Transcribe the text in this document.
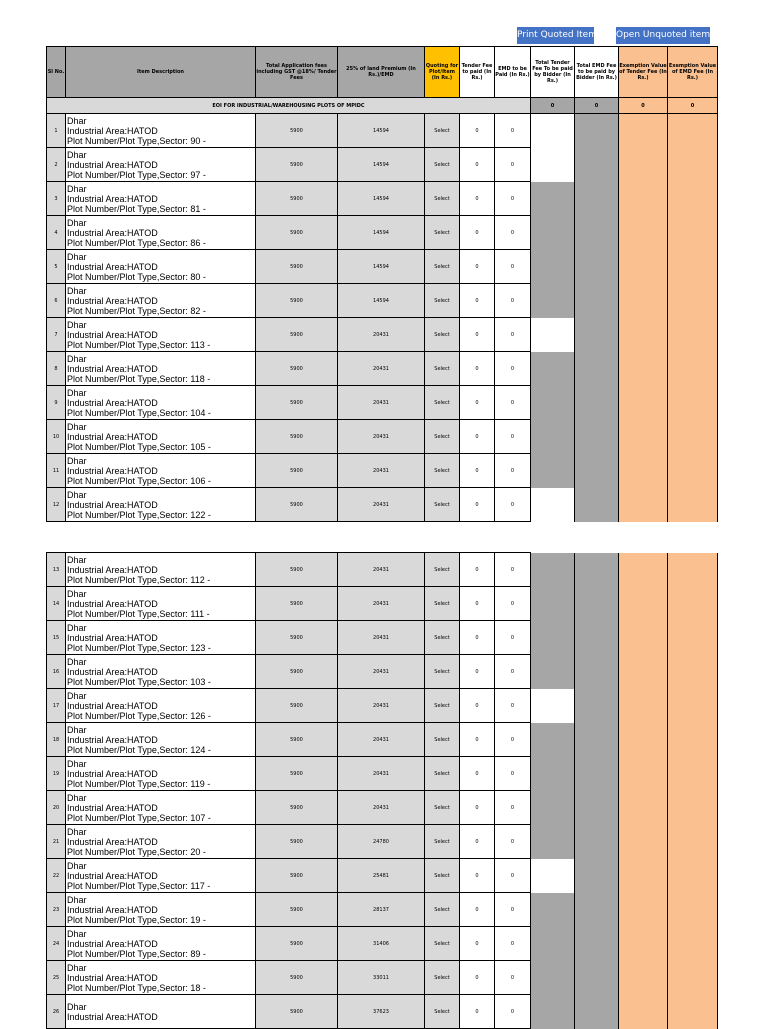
Print Quoted Item Open Unquoted items
Sl No.	Item Description	Total Application fees including GST @18%/ Tender Fees	25% of land Premium (In Rs.)/EMD	Quoting for Plot/Item (In Rs.)	Tender Fee to paid (In Rs.)	EMD to be Paid (In Rs.)	Total Tender Fee To be paid by Bidder (In Rs.)	Total EMD Fee to be paid by Bidder (In Rs.)	Exemption Value of Tender Fee (In Rs.)	Exemption Value of EMD Fee (In Rs.)
EOI FOR INDUSTRIAL/WAREHOUSING PLOTS OF MPIDC							0	0	0	0
1	Dhar
Industrial Area:HATOD
Plot Number/Plot Type,Sector: 90 -	5900	14594	Select	0	0				
2	Dhar
Industrial Area:HATOD
Plot Number/Plot Type,Sector: 97 -	5900	14594	Select	0	0				
3	Dhar
Industrial Area:HATOD
Plot Number/Plot Type,Sector: 81 -	5900	14594	Select	0	0				
4	Dhar
Industrial Area:HATOD
Plot Number/Plot Type,Sector: 86 -	5900	14594	Select	0	0				
5	Dhar
Industrial Area:HATOD
Plot Number/Plot Type,Sector: 80 -	5900	14594	Select	0	0				
6	Dhar
Industrial Area:HATOD
Plot Number/Plot Type,Sector: 82 -	5900	14594	Select	0	0				
7	Dhar
Industrial Area:HATOD
Plot Number/Plot Type,Sector: 113 -	5900	20431	Select	0	0				
8	Dhar
Industrial Area:HATOD
Plot Number/Plot Type,Sector: 118 -	5900	20431	Select	0	0				
9	Dhar
Industrial Area:HATOD
Plot Number/Plot Type,Sector: 104 -	5900	20431	Select	0	0				
10	Dhar
Industrial Area:HATOD
Plot Number/Plot Type,Sector: 105 -	5900	20431	Select	0	0				
11	Dhar
Industrial Area:HATOD
Plot Number/Plot Type,Sector: 106 -	5900	20431	Select	0	0				
12	Dhar
Industrial Area:HATOD
Plot Number/Plot Type,Sector: 122 -	5900	20431	Select	0	0				
13	Dhar
Industrial Area:HATOD
Plot Number/Plot Type,Sector: 112 -	5900	20431	Select	0	0				
14	Dhar
Industrial Area:HATOD
Plot Number/Plot Type,Sector: 111 -	5900	20431	Select	0	0				
15	Dhar
Industrial Area:HATOD
Plot Number/Plot Type,Sector: 123 -	5900	20431	Select	0	0				
16	Dhar
Industrial Area:HATOD
Plot Number/Plot Type,Sector: 103 -	5900	20431	Select	0	0				
17	Dhar
Industrial Area:HATOD
Plot Number/Plot Type,Sector: 126 -	5900	20431	Select	0	0				
18	Dhar
Industrial Area:HATOD
Plot Number/Plot Type,Sector: 124 -	5900	20431	Select	0	0				
19	Dhar
Industrial Area:HATOD
Plot Number/Plot Type,Sector: 119 -	5900	20431	Select	0	0				
20	Dhar
Industrial Area:HATOD
Plot Number/Plot Type,Sector: 107 -	5900	20431	Select	0	0				
21	Dhar
Industrial Area:HATOD
Plot Number/Plot Type,Sector: 20 -	5900	24780	Select	0	0				
22	Dhar
Industrial Area:HATOD
Plot Number/Plot Type,Sector: 117 -	5900	25481	Select	0	0				
23	Dhar
Industrial Area:HATOD
Plot Number/Plot Type,Sector: 19 -	5900	28137	Select	0	0				
24	Dhar
Industrial Area:HATOD
Plot Number/Plot Type,Sector: 89 -	5900	31406	Select	0	0				
25	Dhar
Industrial Area:HATOD
Plot Number/Plot Type,Sector: 18 -	5900	33011	Select	0	0				
26	Dhar
Industrial Area:HATOD	5900	37623	Select	0	0				
